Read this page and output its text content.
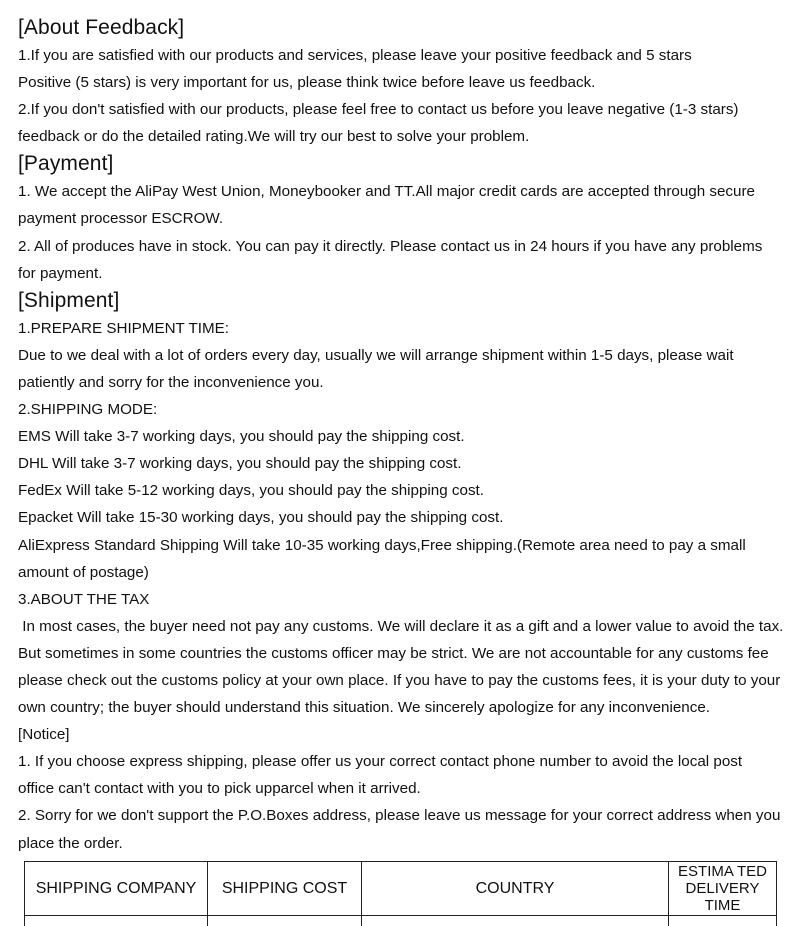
[About Feedback]

1.If you are satisfied with our products and services, please leave your positive feedback and 5 stars

Positive (5 stars) is very important for us, please think twice before leave us feedback.

2.If you don't satisfied with our products, please feel free to contact us before you leave negative (1-3 stars)

feedback or do the detailed rating.We will try our best to solve your problem.

[Payment]

1. We accept the AliPay West Union, Moneybooker and TT.All major credit cards are accepted through secure

payment processor ESCROW.

2. All of produces have in stock. You can pay it directly. Please contact us in 24 hours if you have any problems

for payment.

[Shipment]

1.PREPARE SHIPMENT TIME:

Due to we deal with a lot of orders every day, usually we will arrange shipment within 1-5 days, please wait

patiently and sorry for the inconvenience you.

2.SHIPPING MODE:

EMS Will take 3-7 working days, you should pay the shipping cost.

DHL Will take 3-7 working days, you should pay the shipping cost.

FedEx Will take 5-12 working days, you should pay the shipping cost.

Epacket Will take 15-30 working days, you should pay the shipping cost.

AliExpress Standard Shipping Will take 10-35 working days,Free shipping.(Remote area need to pay a small

amount of postage)

3.ABOUT THE TAX

In most cases, the buyer need not pay any customs. We will declare it as a gift and a lower value to avoid the tax.

But sometimes in some countries the customs officer may be strict. We are not accountable for any customs fee

please check out the customs policy at your own place. If you have to pay the customs fees, it is your duty to your

own country; the buyer should understand this situation. We sincerely apologize for any inconvenience.

[Notice]

1. If you choose express shipping, please offer us your correct contact phone number to avoid the local post

office can't contact with you to pick upparcel when it arrived.

2. Sorry for we don't support the P.O.Boxes address, please leave us message for your correct address when you

place the order.

SHIPPING COMPANY	SHIPPING COST	COUNTRY	ESTIMA TED
DELIVERY TIME
